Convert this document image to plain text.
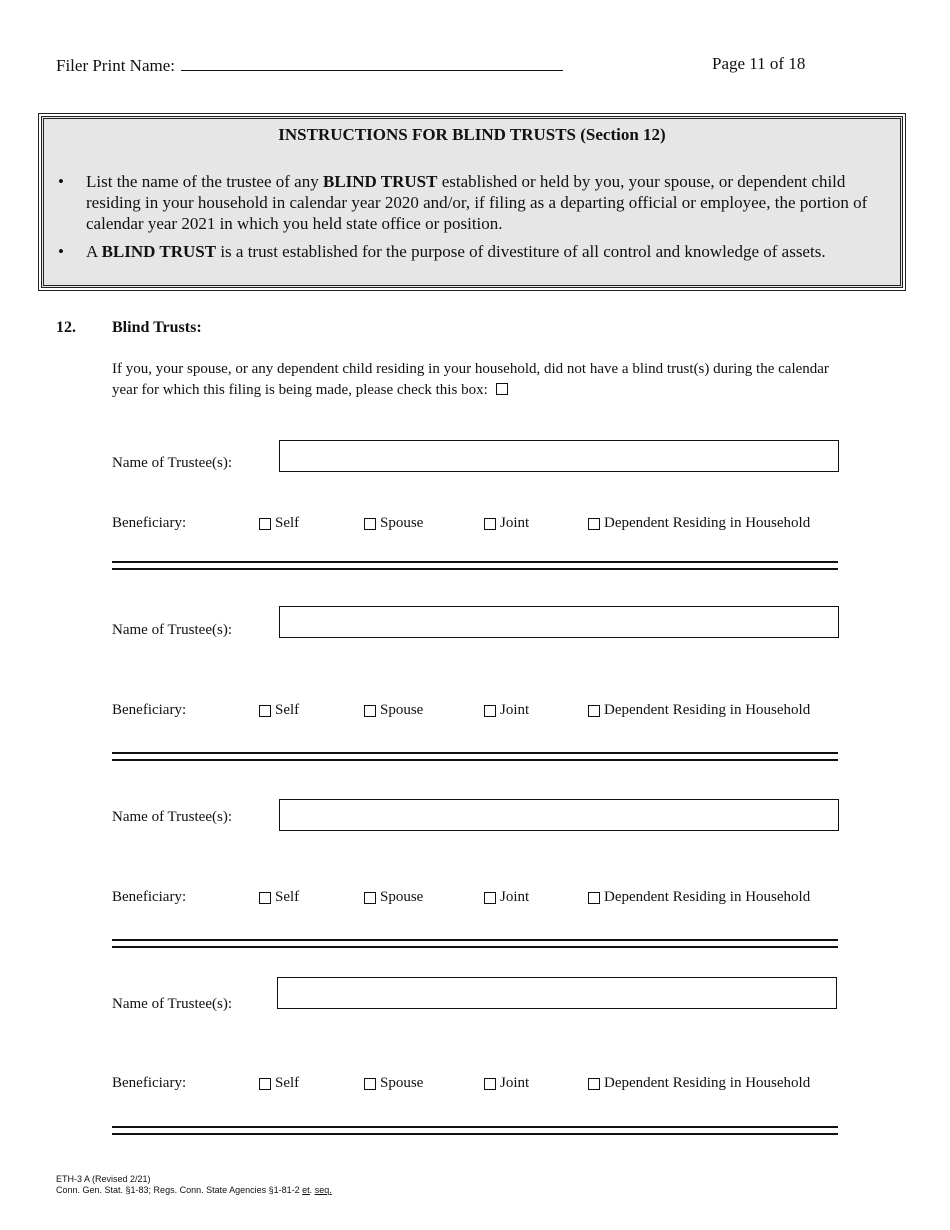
Filer Print Name:	Page 11 of 18
INSTRUCTIONS FOR BLIND TRUSTS (Section 12)
• List the name of the trustee of any BLIND TRUST established or held by you, your spouse, or dependent child residing in your household in calendar year 2020 and/or, if filing as a departing official or employee, the portion of calendar year 2021 in which you held state office or position.
• A BLIND TRUST is a trust established for the purpose of divestiture of all control and knowledge of assets.
12. Blind Trusts:
If you, your spouse, or any dependent child residing in your household, did not have a blind trust(s) during the calendar year for which this filing is being made, please check this box:
Name of Trustee(s):
Beneficiary:	Self	Spouse	Joint	Dependent Residing in Household
Name of Trustee(s):
Beneficiary:	Self	Spouse	Joint	Dependent Residing in Household
Name of Trustee(s):
Beneficiary:	Self	Spouse	Joint	Dependent Residing in Household
Name of Trustee(s):
Beneficiary:	Self	Spouse	Joint	Dependent Residing in Household
ETH-3 A (Revised 2/21)
Conn. Gen. Stat. §1-83; Regs. Conn. State Agencies §1-81-2 et. seq.
